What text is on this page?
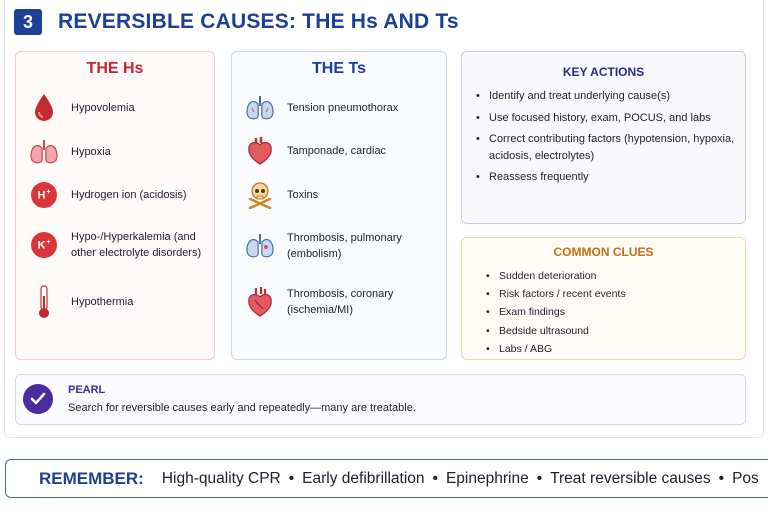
3	REVERSIBLE CAUSES: THE Hs AND Ts
THE Hs
Hypovolemia
Hypoxia
H+ Hydrogen ion (acidosis)
K+ Hypo-/Hyperkalemia (and other electrolyte disorders)
Hypothermia
THE Ts
Tension pneumothorax
Tamponade, cardiac
Toxins
Thrombosis, pulmonary (embolism)
Thrombosis, coronary (ischemia/MI)
KEY ACTIONS
• Identify and treat underlying cause(s)
• Use focused history, exam, POCUS, and labs
• Correct contributing factors (hypotension, hypoxia, acidosis, electrolytes)
• Reassess frequently
COMMON CLUES
• Sudden deterioration
• Risk factors / recent events
• Exam findings
• Bedside ultrasound
• Labs / ABG
PEARL
Search for reversible causes early and repeatedly—many are treatable.
REMEMBER: High-quality CPR • Early defibrillation • Epinephrine • Treat reversible causes • Pos
